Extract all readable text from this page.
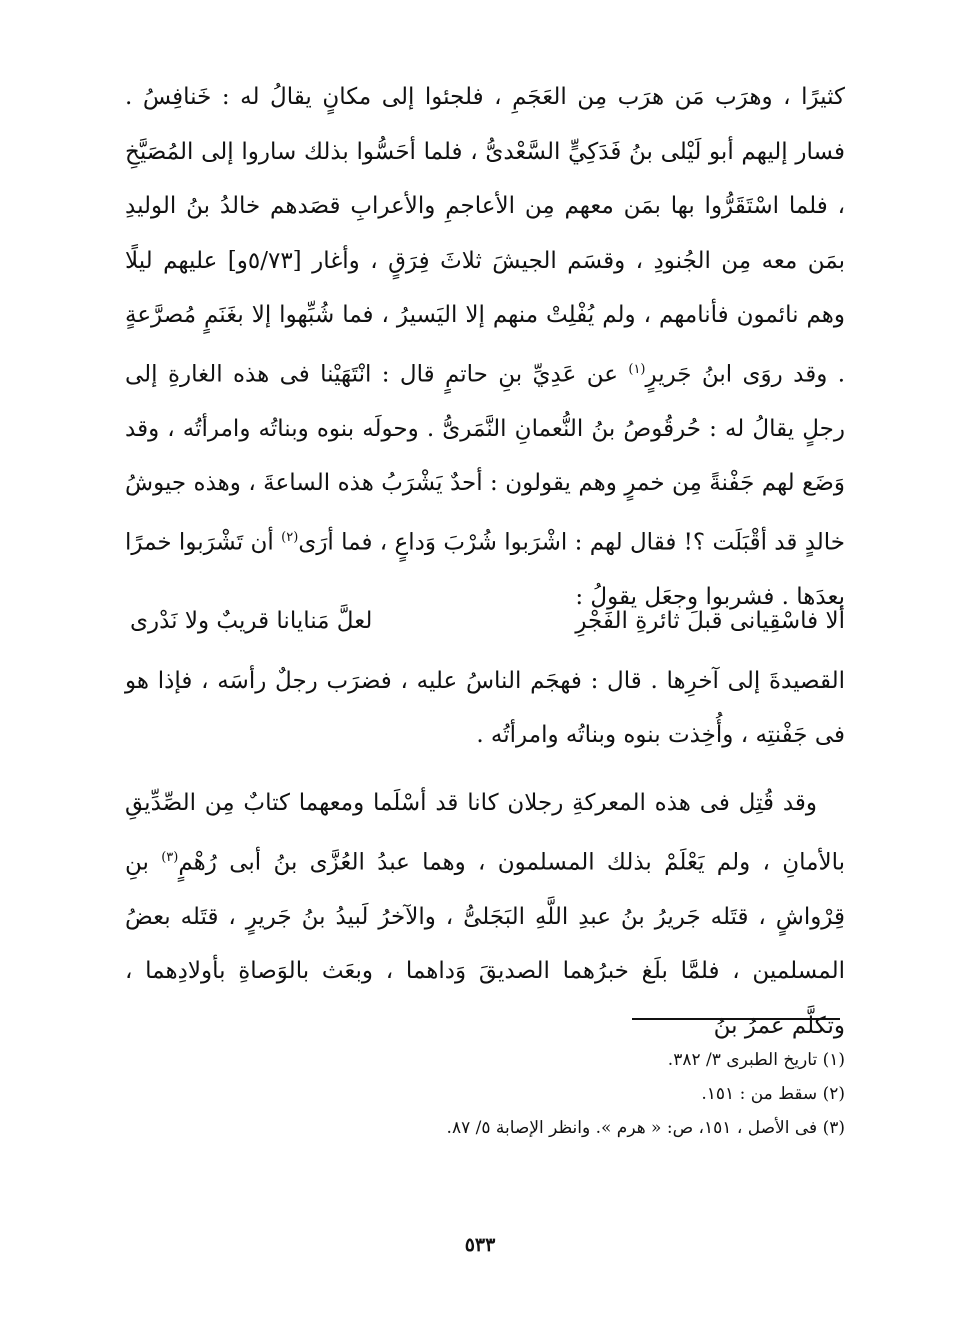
كثيرًا ، وهرَب مَن هرَب مِن العَجَمِ ، فلجئوا إلى مكانٍ يقالُ له : خَنافِسُ . فسار إليهم أبو لَيْلى بنُ فَدَكِيٍّ السَّعْدىُّ ، فلما أحَسُّوا بذلك ساروا إلى المُصَيَّخِ ، فلما اسْتَقَرُّوا بها بمَن معهم مِن الأعاجمِ والأعرابِ قصَدهم خالدُ بنُ الوليدِ بمَن معه مِن الجُنودِ ، وقسَم الجيشَ ثلاثَ فِرَقٍ ، وأغار [٥/٧٣و] عليهم ليلًا وهم نائمون فأنامهم ، ولم يُفْلِتْ منهم إلا اليَسيرُ ، فما شُبِّهوا إلا بغَنَمٍ مُصرَّعةٍ . وقد روَى ابنُ جَريرٍ$^{(١)}$ عن عَدِيِّ بنِ حاتمٍ قال : انْتَهَيْنا فى هذه الغارةِ إلى رجلٍ يقالُ له : حُرقُوصُ بنُ النُّعمانِ النَّمَرىُّ . وحولَه بنوه وبناتُه وامرأتُه ، وقد وَضَع لهم جَفْنةً مِن خمرٍ وهم يقولون : أحدٌ يَشْرَبُ هذه الساعةَ ، وهذه جيوشُ خالدٍ قد أقْبَلَت ؟! فقال لهم : اشْرَبوا شُرْبَ وَداعٍ ، فما أرَى$^{(٢)}$ أن تَشْرَبوا خمرًا بعدَها . فشربوا وجعَل يقولُ :

ألا فاسْقِيانى قبلَ ثائرةِ الفَجْرِ
لعلَّ مَنايانا قريبٌ ولا نَدْرى

القصيدةَ إلى آخرِها . قال : فهجَم الناسُ عليه ، فضرَب رجلٌ رأسَه ، فإذا هو فى جَفْنتِه ، وأُخِذت بنوه وبناتُه وامرأتُه .

وقد قُتِل فى هذه المعركةِ رجلان كانا قد أسْلَما ومعهما كتابٌ مِن الصِّدِّيقِ بالأمانِ ، ولم يَعْلَمْ بذلك المسلمون ، وهما عبدُ العُزَّى بنُ أبى رُهْمٍ$^{(٣)}$ بنِ قِرْواشٍ ، قتَله جَريرُ بنُ عبدِ اللَّهِ البَجَلىُّ ، والآخرُ لَبيدُ بنُ جَريرٍ ، قتَله بعضُ المسلمين ، فلمَّا بلَغ خبرُهما الصديقَ وَداهما ، وبعَث بالوَصاةِ بأولادِهما ، وتكلَّم عمرُ بنُ

(١) تاريخ الطبرى ٣/ ٣٨٢.

(٢) سقط من : ١٥١.

(٣) فى الأصل ، ١٥١، ص: « هرم ». وانظر الإصابة ٥/ ٨٧.

٥٣٣
